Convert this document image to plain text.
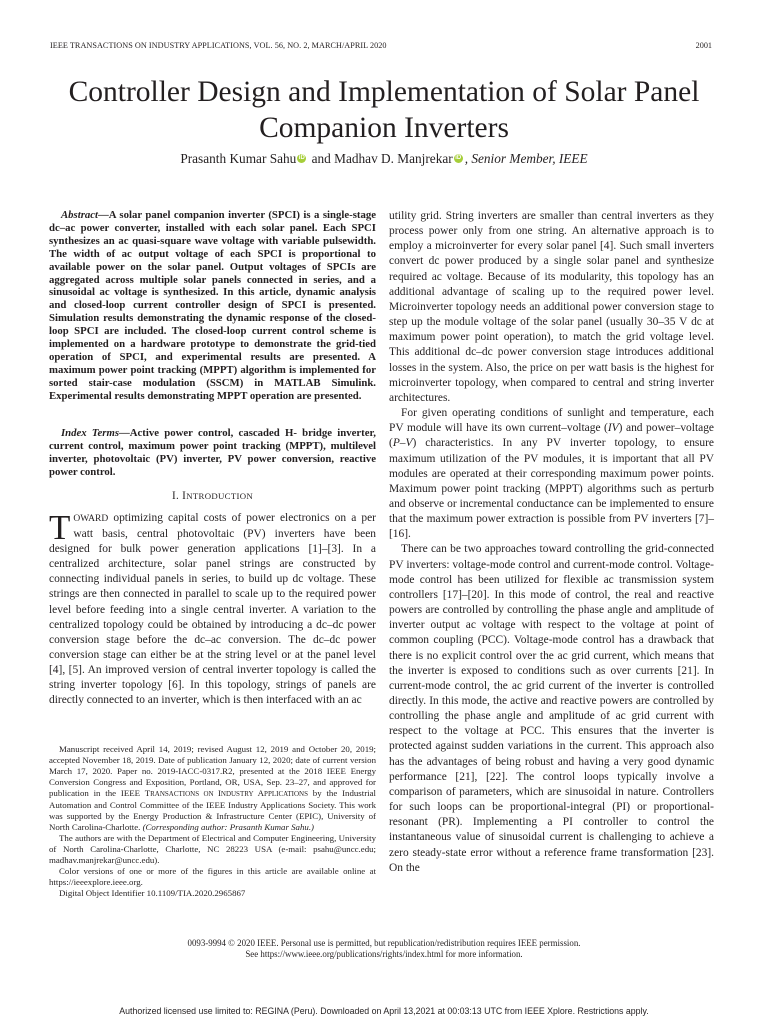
IEEE TRANSACTIONS ON INDUSTRY APPLICATIONS, VOL. 56, NO. 2, MARCH/APRIL 2020	2001
Controller Design and Implementation of Solar Panel Companion Inverters
Prasanth Kumar Sahu iD and Madhav D. Manjrekar iD , Senior Member, IEEE

Abstract—A solar panel companion inverter (SPCI) is a single-stage dc–ac power converter, installed with each solar panel. Each SPCI synthesizes an ac quasi-square wave voltage with variable pulsewidth. The width of ac output voltage of each SPCI is proportional to available power on the solar panel. Output voltages of SPCIs are aggregated across multiple solar panels connected in series, and a sinusoidal ac voltage is synthesized. In this article, dynamic analysis and closed-loop current controller design of SPCI is presented. Simulation results demonstrating the dynamic response of the closed-loop SPCI are included. The closed-loop current control scheme is implemented on a hardware prototype to demonstrate the grid-tied operation of SPCI, and experimental results are presented. A maximum power point tracking (MPPT) algorithm is implemented for sorted stair-case modulation (SSCM) in MATLAB Simulink. Experimental results demonstrating MPPT operation are presented.

Index Terms—Active power control, cascaded H- bridge inverter, current control, maximum power point tracking (MPPT), multilevel inverter, photovoltaic (PV) inverter, PV power conversion, reactive power control.

I. INTRODUCTION
TOWARD optimizing capital costs of power electronics on a per watt basis, central photovoltaic (PV) inverters have been designed for bulk power generation applications [1]–[3]. In a centralized architecture, solar panel strings are constructed by connecting individual panels in series, to build up dc voltage. These strings are then connected in parallel to scale up to the required power level before feeding into a single central inverter. A variation to the centralized topology could be obtained by introducing a dc–dc power conversion stage before the dc–ac conversion. The dc–dc power conversion stage can either be at the string level or at the panel level [4], [5]. An improved version of central inverter topology is called the string inverter topology [6]. In this topology, strings of panels are directly connected to an inverter, which is then interfaced with an ac

Manuscript received April 14, 2019; revised August 12, 2019 and October 20, 2019; accepted November 18, 2019. Date of publication January 12, 2020; date of current version March 17, 2020. Paper no. 2019-IACC-0317.R2, presented at the 2018 IEEE Energy Conversion Congress and Exposition, Portland, OR, USA, Sep. 23–27, and approved for publication in the IEEE TRANSACTIONS ON INDUSTRY APPLICATIONS by the Industrial Automation and Control Committee of the IEEE Industry Applications Society. This work was supported by the Energy Production & Infrastructure Center (EPIC), University of North Carolina-Charlotte. (Corresponding author: Prasanth Kumar Sahu.)

The authors are with the Department of Electrical and Computer Engineering, University of North Carolina-Charlotte, Charlotte, NC 28223 USA (e-mail: psahu@uncc.edu; madhav.manjrekar@uncc.edu).

Color versions of one or more of the figures in this article are available online at https://ieeexplore.ieee.org.

Digital Object Identifier 10.1109/TIA.2020.2965867

utility grid. String inverters are smaller than central inverters as they process power only from one string. An alternative approach is to employ a microinverter for every solar panel [4]. Such small inverters convert dc power produced by a single solar panel and synthesize required ac voltage. Because of its modularity, this topology has an additional advantage of scaling up to the required power level. Microinverter topology needs an additional power conversion stage to step up the module voltage of the solar panel (usually 30–35 V dc at maximum power point operation), to match the grid voltage level. This additional dc–dc power conversion stage introduces additional losses in the system. Also, the price on per watt basis is the highest for microinverter topology, when compared to central and string inverter architectures.

For given operating conditions of sunlight and temperature, each PV module will have its own current–voltage (IV) and power–voltage (P–V) characteristics. In any PV inverter topology, to ensure maximum utilization of the PV modules, it is important that all PV modules are operated at their corresponding maximum power points. Maximum power point tracking (MPPT) algorithms such as perturb and observe or incremental conductance can be implemented to ensure that the maximum power extraction is possible from PV inverters [7]–[16].

There can be two approaches toward controlling the grid-connected PV inverters: voltage-mode control and current-mode control. Voltage-mode control has been utilized for flexible ac transmission system controllers [17]–[20]. In this mode of control, the real and reactive powers are controlled by controlling the phase angle and amplitude of inverter output ac voltage with respect to the voltage at point of common coupling (PCC). Voltage-mode control has a drawback that there is no explicit control over the ac grid current, which means that the inverter is exposed to conditions such as over currents [21]. In current-mode control, the ac grid current of the inverter is controlled directly. In this mode, the active and reactive powers are controlled by controlling the phase angle and amplitude of ac grid current with respect to the voltage at PCC. This ensures that the inverter is protected against sudden variations in the current. This approach also has the advantages of being robust and having a very good dynamic performance [21], [22]. The control loops typically involve a comparison of parameters, which are sinusoidal in nature. Controllers for such loops can be proportional-integral (PI) or proportional-resonant (PR). Implementing a PI controller to control the instantaneous value of sinusoidal current is challenging to achieve a zero steady-state error without a reference frame transformation [23]. On the

0093-9994 © 2020 IEEE. Personal use is permitted, but republication/redistribution requires IEEE permission.
See https://www.ieee.org/publications/rights/index.html for more information.
Authorized licensed use limited to: REGINA (Peru). Downloaded on April 13,2021 at 00:03:13 UTC from IEEE Xplore. Restrictions apply.
